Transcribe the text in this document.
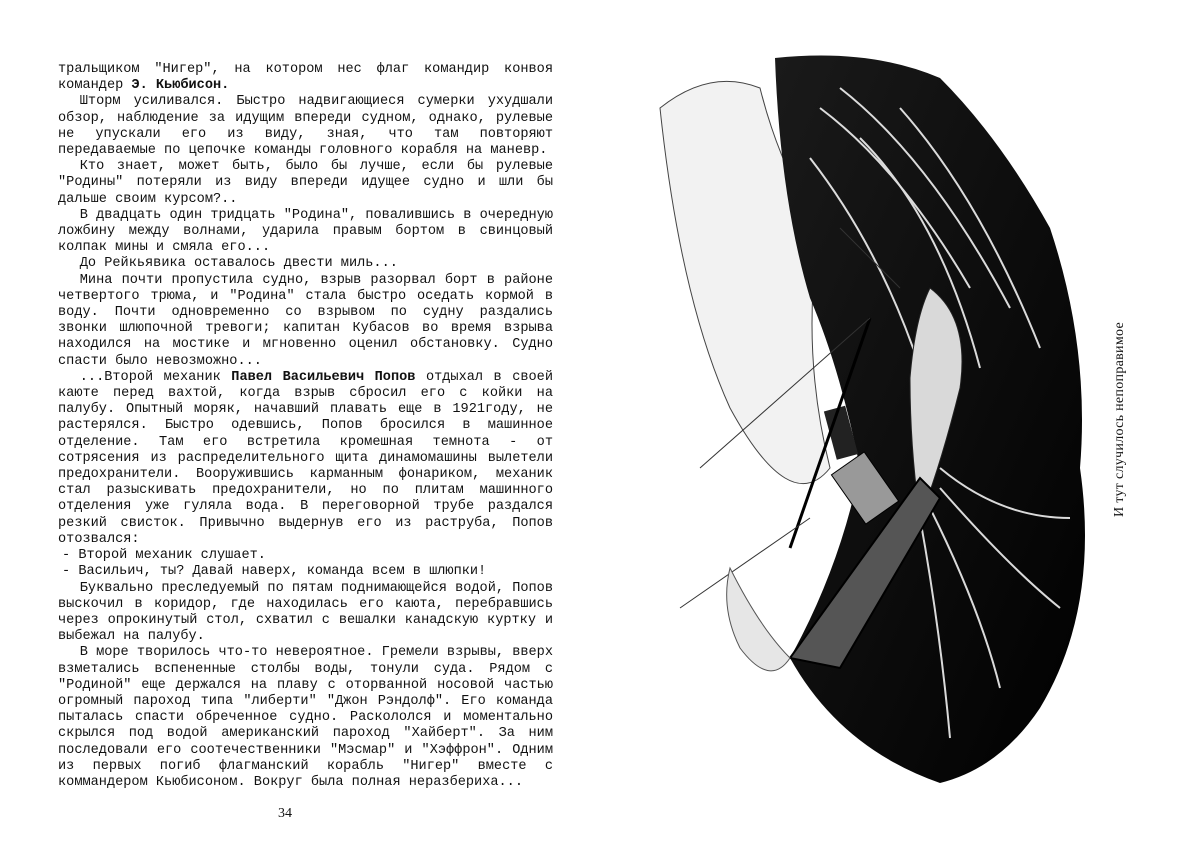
тральщиком "Нигер", на котором нес флаг командир конвоя командер Э. Кьюбисон.

Шторм усиливался. Быстро надвигающиеся сумерки ухудшали обзор, наблюдение за идущим впереди судном, однако, рулевые не упускали его из виду, зная, что там повторяют передаваемые по цепочке команды головного корабля на маневр.

Кто знает, может быть, было бы лучше, если бы рулевые "Родины" потеряли из виду впереди идущее судно и шли бы дальше своим курсом?..

В двадцать один тридцать "Родина", повалившись в очередную ложбину между волнами, ударила правым бортом в свинцовый колпак мины и смяла его...

До Рейкьявика оставалось двести миль...

Мина почти пропустила судно, взрыв разорвал борт в районе четвертого трюма, и "Родина" стала быстро оседать кормой в воду. Почти одновременно со взрывом по судну раздались звонки шлюпочной тревоги; капитан Кубасов во время взрыва находился на мостике и мгновенно оценил обстановку. Судно спасти было невозможно...

...Второй механик Павел Васильевич Попов отдыхал в своей каюте перед вахтой, когда взрыв сбросил его с койки на палубу. Опытный моряк, начавший плавать еще в 1921году, не растерялся. Быстро одевшись, Попов бросился в машинное отделение. Там его встретила кромешная темнота - от сотрясения из распределительного щита динамомашины вылетели предохранители. Вооружившись карманным фонариком, механик стал разыскивать предохранители, но по плитам машинного отделения уже гуляла вода. В переговорной трубе раздался резкий свисток. Привычно выдернув его из раструба, Попов отозвался:

- Второй механик слушает.

- Васильич, ты? Давай наверх, команда всем в шлюпки!

Буквально преследуемый по пятам поднимающейся водой, Попов выскочил в коридор, где находилась его каюта, перебравшись через опрокинутый стол, схватил с вешалки канадскую куртку и выбежал на палубу.

В море творилось что-то невероятное. Гремели взрывы, вверх взметались вспененные столбы воды, тонули суда. Рядом с "Родиной" еще держался на плаву с оторванной носовой частью огромный пароход типа "либерти" "Джон Рэндолф". Его команда пыталась спасти обреченное судно. Раскололся и моментально скрылся под водой американский пароход "Хайберт". За ним последовали его соотечественники "Мэсмар" и "Хэффрон". Одним из первых погиб флагманский корабль "Нигер" вместе с коммандером Кьюбисоном. Вокруг была полная неразбериха...

34
И тут случилось непоправимое
